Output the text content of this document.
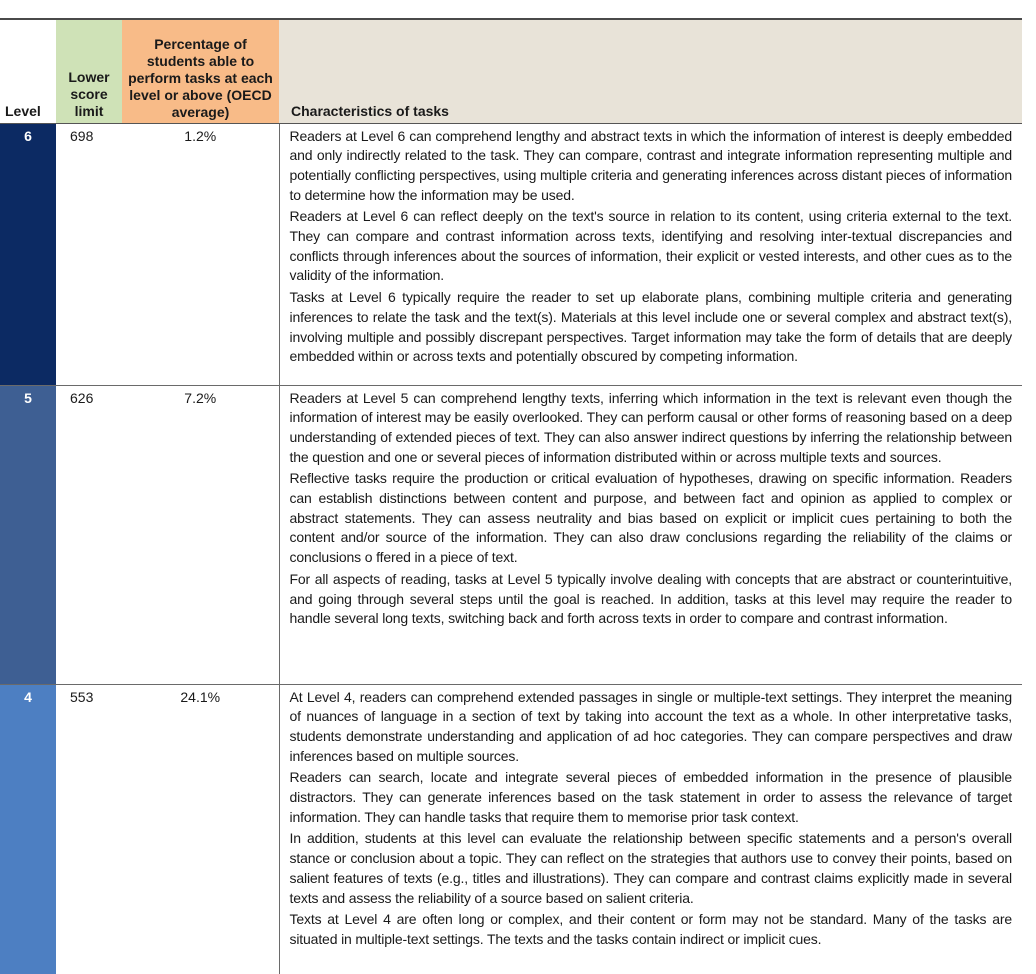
Level	Lower score limit	Percentage of students able to perform tasks at each level or above (OECD average)	Characteristics of tasks
6	698	1.2%	Readers at Level 6 can comprehend lengthy and abstract texts in which the information of interest is deeply embedded and only indirectly related to the task. They can compare, contrast and integrate information representing multiple and potentially conflicting perspectives, using multiple criteria and generating inferences across distant pieces of information to determine how the information may be used.

Readers at Level 6 can reflect deeply on the text's source in relation to its content, using criteria external to the text. They can compare and contrast information across texts, identifying and resolving inter-textual discrepancies and conflicts through inferences about the sources of information, their explicit or vested interests, and other cues as to the validity of the information.

Tasks at Level 6 typically require the reader to set up elaborate plans, combining multiple criteria and generating inferences to relate the task and the text(s). Materials at this level include one or several complex and abstract text(s), involving multiple and possibly discrepant perspectives. Target information may take the form of details that are deeply embedded within or across texts and potentially obscured by competing information.

5	626	7.2%	Readers at Level 5 can comprehend lengthy texts, inferring which information in the text is relevant even though the information of interest may be easily overlooked. They can perform causal or other forms of reasoning based on a deep understanding of extended pieces of text. They can also answer indirect questions by inferring the relationship between the question and one or several pieces of information distributed within or across multiple texts and sources.

Reflective tasks require the production or critical evaluation of hypotheses, drawing on specific information. Readers can establish distinctions between content and purpose, and between fact and opinion as applied to complex or abstract statements. They can assess neutrality and bias based on explicit or implicit cues pertaining to both the content and/or source of the information. They can also draw conclusions regarding the reliability of the claims or conclusions o ffered in a piece of text.

For all aspects of reading, tasks at Level 5 typically involve dealing with concepts that are abstract or counterintuitive, and going through several steps until the goal is reached. In addition, tasks at this level may require the reader to handle several long texts, switching back and forth across texts in order to compare and contrast information.

4	553	24.1%	At Level 4, readers can comprehend extended passages in single or multiple-text settings. They interpret the meaning of nuances of language in a section of text by taking into account the text as a whole. In other interpretative tasks, students demonstrate understanding and application of ad hoc categories. They can compare perspectives and draw inferences based on multiple sources.

Readers can search, locate and integrate several pieces of embedded information in the presence of plausible distractors. They can generate inferences based on the task statement in order to assess the relevance of target information. They can handle tasks that require them to memorise prior task context.

In addition, students at this level can evaluate the relationship between specific statements and a person's overall stance or conclusion about a topic. They can reflect on the strategies that authors use to convey their points, based on salient features of texts (e.g., titles and illustrations). They can compare and contrast claims explicitly made in several texts and assess the reliability of a source based on salient criteria.

Texts at Level 4 are often long or complex, and their content or form may not be standard. Many of the tasks are situated in multiple-text settings. The texts and the tasks contain indirect or implicit cues.
